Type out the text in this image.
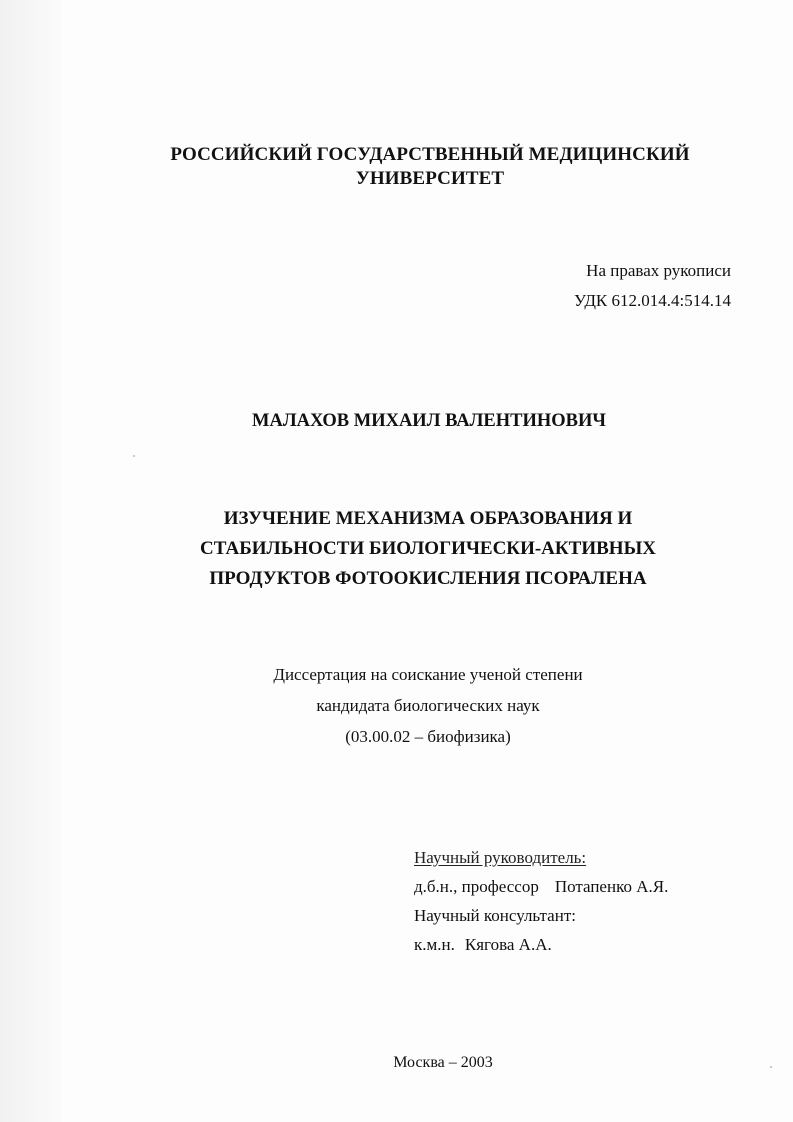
РОССИЙСКИЙ ГОСУДАРСТВЕННЫЙ МЕДИЦИНСКИЙ
УНИВЕРСИТЕТ
На правах рукописи
УДК 612.014.4:514.14
МАЛАХОВ МИХАИЛ ВАЛЕНТИНОВИЧ
ИЗУЧЕНИЕ МЕХАНИЗМА ОБРАЗОВАНИЯ И
СТАБИЛЬНОСТИ БИОЛОГИЧЕСКИ-АКТИВНЫХ
ПРОДУКТОВ ФОТООКИСЛЕНИЯ ПСОРАЛЕНА
Диссертация на соискание ученой степени
кандидата биологических наук
(03.00.02 – биофизика)
Научный руководитель:
д.б.н., профессор Потапенко А.Я.
Научный консультант:
к.м.н. Кягова А.А.
Москва – 2003
